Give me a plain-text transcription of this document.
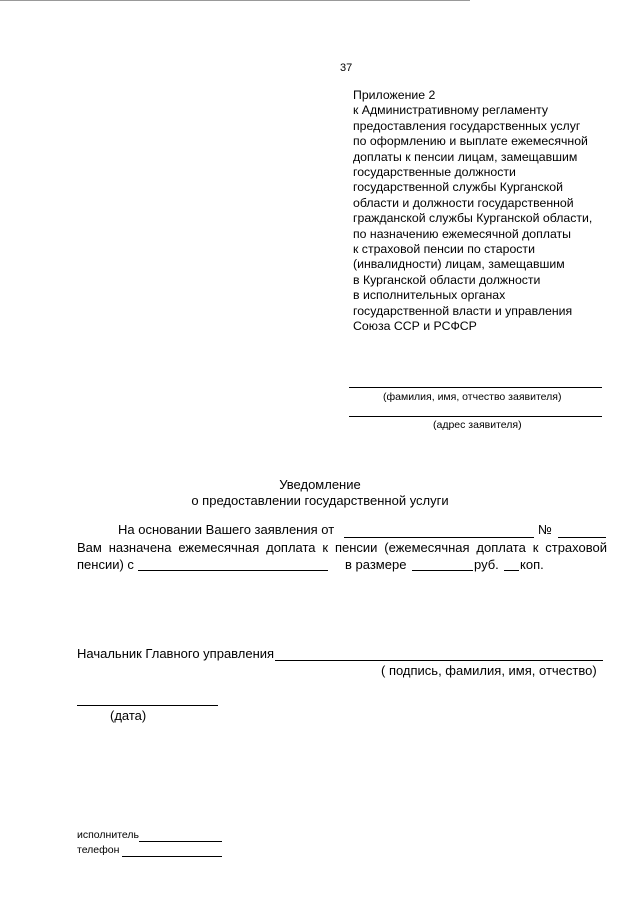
37
Приложение 2
к Административному регламенту
предоставления государственных услуг
по оформлению и выплате ежемесячной
доплаты к пенсии лицам, замещавшим
государственные должности
государственной службы Курганской
области и должности государственной
гражданской службы Курганской области,
по назначению ежемесячной доплаты
к страховой пенсии по старости
(инвалидности) лицам, замещавшим
в Курганской области должности
в исполнительных органах
государственной власти и управления
Союза ССР и РСФСР
(фамилия, имя, отчество заявителя)
(адрес заявителя)
Уведомление
о предоставлении государственной услуги
На основании Вашего заявления от	№
Вам назначена ежемесячная доплата к пенсии (ежемесячная доплата к страховой
пенсии) с	в размере	руб. коп.
Начальник Главного управления
( подпись, фамилия, имя, отчество)
(дата)
исполнитель
телефон
